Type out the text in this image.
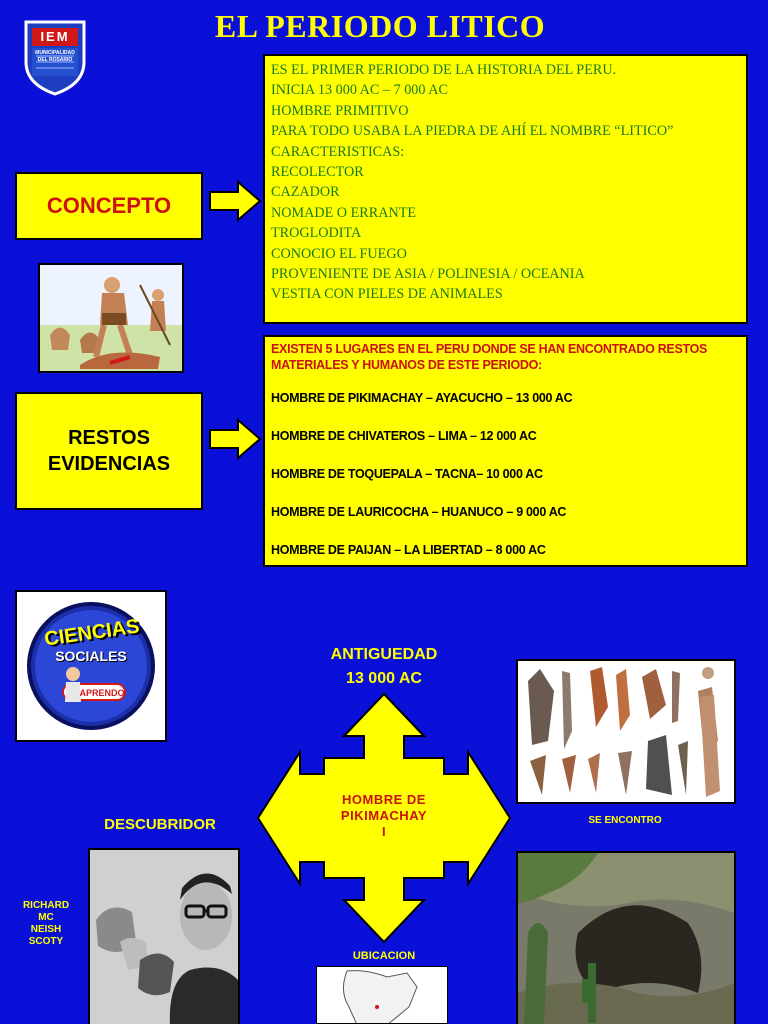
EL PERIODO LITICO
IEM
MUNICIPALIDAD DEL ROSARIO
ES EL PRIMER PERIODO DE LA HISTORIA DEL PERU.
INICIA 13 000 AC – 7 000 AC
HOMBRE PRIMITIVO
PARA TODO USABA LA PIEDRA DE AHÍ EL NOMBRE “LITICO”
CARACTERISTICAS:
RECOLECTOR
CAZADOR
NOMADE O ERRANTE
TROGLODITA
CONOCIO EL FUEGO
PROVENIENTE DE ASIA / POLINESIA / OCEANIA
VESTIA CON PIELES DE ANIMALES
CONCEPTO
RESTOS
EVIDENCIAS
EXISTEN 5 LUGARES EN EL PERU DONDE SE HAN ENCONTRADO RESTOS MATERIALES Y HUMANOS DE ESTE PERIODO:
HOMBRE DE PIKIMACHAY – AYACUCHO – 13 000 AC
HOMBRE DE CHIVATEROS – LIMA – 12 000 AC
HOMBRE DE TOQUEPALA – TACNA– 10 000 AC
HOMBRE DE LAURICOCHA – HUANUCO – 9 000 AC
HOMBRE DE PAIJAN – LA LIBERTAD – 8 000 AC
CIENCIAS
SOCIALES
APRENDO
ANTIGUEDAD
13 000 AC
HOMBRE DE
PIKIMACHAY
I
SE ENCONTRO
DESCUBRIDOR
RICHARD
MC
NEISH
SCOTY
UBICACION
